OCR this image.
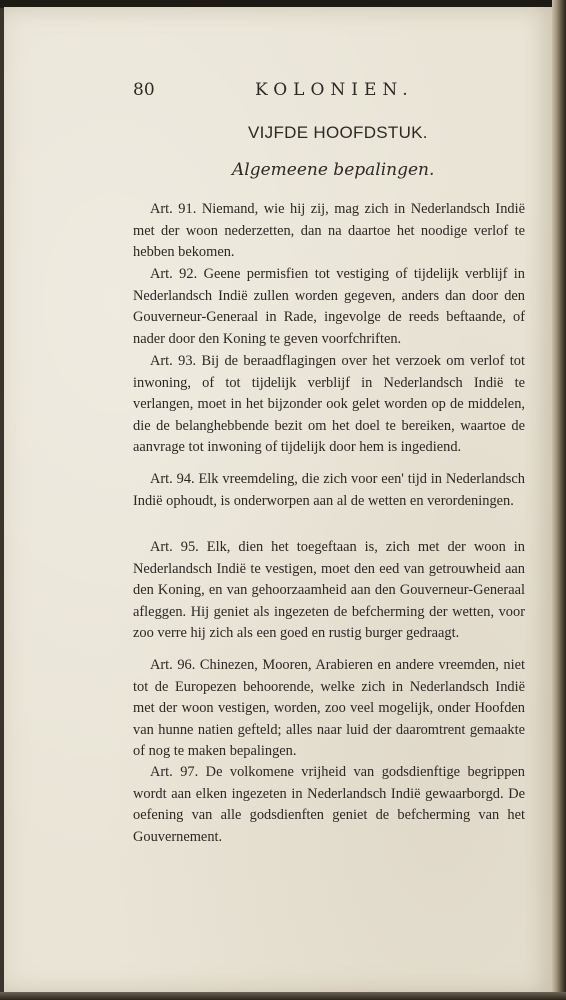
80	KOLONIEN.
VIJFDE HOOFDSTUK.
Algemeene bepalingen.
Art. 91. Niemand, wie hij zij, mag zich in Nederlandsch Indië met der woon nederzetten, dan na daartoe het noodige verlof te hebben bekomen.
Art. 92. Geene permisfien tot vestiging of tijdelijk verblijf in Nederlandsch Indië zullen worden gegeven, anders dan door den Gouverneur-Generaal in Rade, ingevolge de reeds beftaande, of nader door den Koning te geven voorfchriften.
Art. 93. Bij de beraadflagingen over het verzoek om verlof tot inwoning, of tot tijdelijk verblijf in Nederlandsch Indië te verlangen, moet in het bijzonder ook gelet worden op de middelen, die de belanghebbende bezit om het doel te bereiken, waartoe de aanvrage tot inwoning of tijdelijk door hem is ingediend.
Art. 94. Elk vreemdeling, die zich voor een' tijd in Nederlandsch Indië ophoudt, is onderworpen aan al de wetten en verordeningen.
Art. 95. Elk, dien het toegeftaan is, zich met der woon in Nederlandsch Indië te vestigen, moet den eed van getrouwheid aan den Koning, en van gehoorzaamheid aan den Gouverneur-Generaal afleggen. Hij geniet als ingezeten de befcherming der wetten, voor zoo verre hij zich als een goed en rustig burger gedraagt.
Art. 96. Chinezen, Mooren, Arabieren en andere vreemden, niet tot de Europezen behoorende, welke zich in Nederlandsch Indië met der woon vestigen, worden, zoo veel mogelijk, onder Hoofden van hunne natien gefteld; alles naar luid der daaromtrent gemaakte of nog te maken bepalingen.
Art. 97. De volkomene vrijheid van godsdienftige begrippen wordt aan elken ingezeten in Nederlandsch Indië gewaarborgd. De oefening van alle godsdienften geniet de befcherming van het Gouvernement.
